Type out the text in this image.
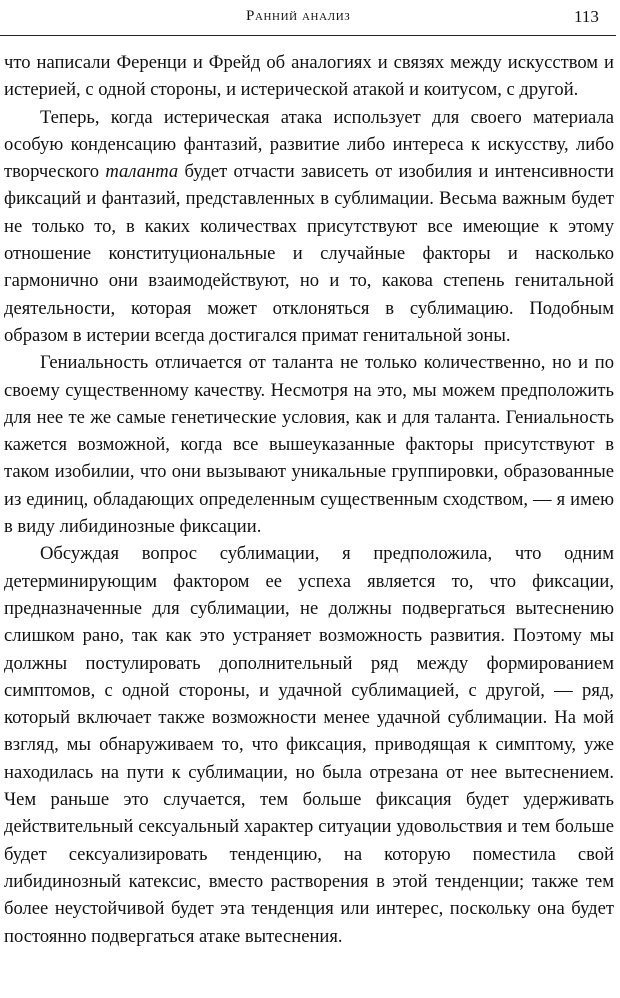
Ранний анализ	113

что написали Ференци и Фрейд об аналогиях и связях между искусством и истерией, с одной стороны, и истерической атакой и коитусом, с другой.

Теперь, когда истерическая атака использует для своего материала особую конденсацию фантазий, развитие либо интереса к искусству, либо творческого таланта будет отчасти зависеть от изобилия и интенсивности фиксаций и фантазий, представленных в сублимации. Весьма важным будет не только то, в каких количествах присутствуют все имеющие к этому отношение конституциональные и случайные факторы и насколько гармонично они взаимодействуют, но и то, какова степень генитальной деятельности, которая может отклоняться в сублимацию. Подобным образом в истерии всегда достигался примат генитальной зоны.

Гениальность отличается от таланта не только количественно, но и по своему существенному качеству. Несмотря на это, мы можем предположить для нее те же самые генетические условия, как и для таланта. Гениальность кажется возможной, когда все вышеуказанные факторы присутствуют в таком изобилии, что они вызывают уникальные группировки, образованные из единиц, обладающих определенным существенным сходством, — я имею в виду либидинозные фиксации.

Обсуждая вопрос сублимации, я предположила, что одним детерминирующим фактором ее успеха является то, что фиксации, предназначенные для сублимации, не должны подвергаться вытеснению слишком рано, так как это устраняет возможность развития. Поэтому мы должны постулировать дополнительный ряд между формированием симптомов, с одной стороны, и удачной сублимацией, с другой, — ряд, который включает также возможности менее удачной сублимации. На мой взгляд, мы обнаруживаем то, что фиксация, приводящая к симптому, уже находилась на пути к сублимации, но была отрезана от нее вытеснением. Чем раньше это случается, тем больше фиксация будет удерживать действительный сексуальный характер ситуации удовольствия и тем больше будет сексуализировать тенденцию, на которую поместила свой либидинозный катексис, вместо растворения в этой тенденции; также тем более неустойчивой будет эта тенденция или интерес, поскольку она будет постоянно подвергаться атаке вытеснения.
